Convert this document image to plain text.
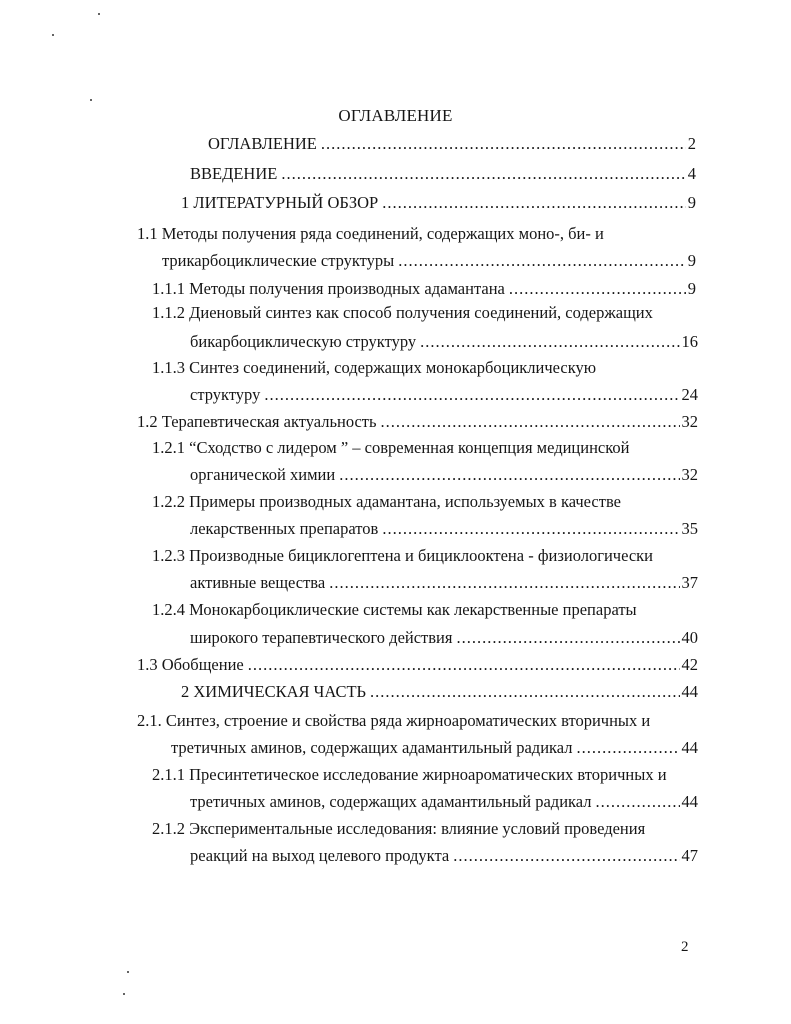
ОГЛАВЛЕНИЕ
ОГЛАВЛЕНИЕ .....	2
ВВЕДЕНИЕ .....	4
1 ЛИТЕРАТУРНЫЙ ОБЗОР .....	9
1.1 Методы получения ряда соединений, содержащих моно-, би- и
трикарбоциклические структуры .....	9
1.1.1 Методы получения производных адамантана .....	9
1.1.2 Диеновый синтез как способ получения соединений, содержащих
бикарбоциклическую структуру .....	16
1.1.3 Синтез соединений, содержащих монокарбоциклическую
структуру .....	24
1.2 Терапевтическая актуальность .....	32
1.2.1 “Сходство с лидером ” – современная концепция медицинской
органической химии .....	32
1.2.2 Примеры производных адамантана, используемых в качестве
лекарственных препаратов .....	35
1.2.3 Производные бициклогептена и бициклооктена - физиологически
активные вещества .....	37
1.2.4 Монокарбоциклические системы как лекарственные препараты
широкого терапевтического действия .....	40
1.3 Обобщение .....	42
2 ХИМИЧЕСКАЯ ЧАСТЬ .....	44
2.1. Синтез, строение и свойства ряда жирноароматических вторичных и
третичных аминов, содержащих адамантильный радикал .....	44
2.1.1 Пресинтетическое исследование жирноароматических вторичных и
третичных аминов, содержащих адамантильный радикал .....	44
2.1.2 Экспериментальные исследования: влияние условий проведения
реакций на выход целевого продукта .....	47
2
